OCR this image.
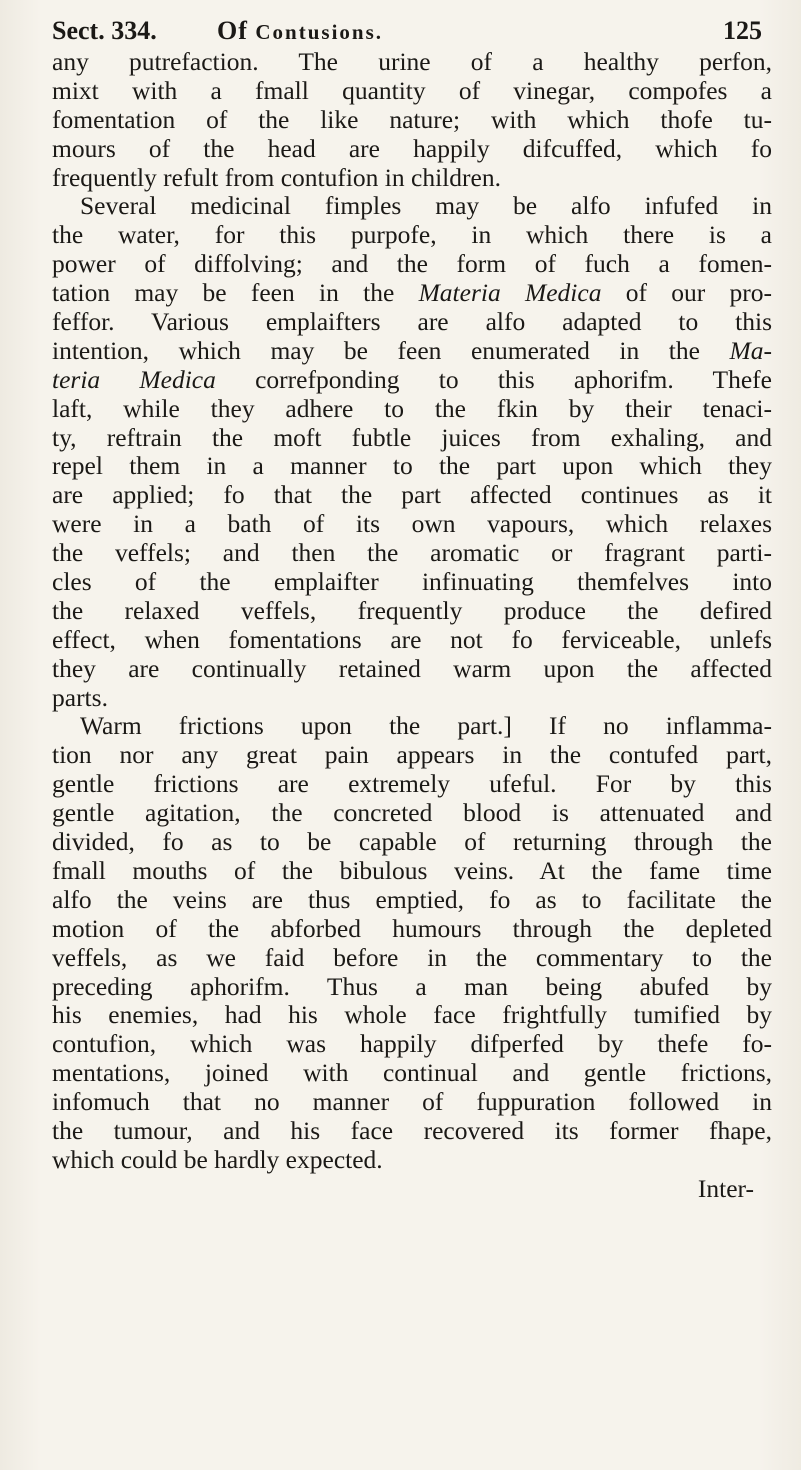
Sect. 334. Of Contusions.	125
any putrefaction. The urine of a healthy perfon,
mixt with a fmall quantity of vinegar, compofes a
fomentation of the like nature; with which thofe tu-
mours of the head are happily difcuffed, which fo
frequently refult from contufion in children.
Several medicinal fimples may be alfo infufed in
the water, for this purpofe, in which there is a
power of diffolving; and the form of fuch a fomen-
tation may be feen in the Materia Medica of our pro-
feffor. Various emplaifters are alfo adapted to this
intention, which may be feen enumerated in the Ma-
teria Medica correfponding to this aphorifm. Thefe
laft, while they adhere to the fkin by their tenaci-
ty, reftrain the moft fubtle juices from exhaling, and
repel them in a manner to the part upon which they
are applied; fo that the part affected continues as it
were in a bath of its own vapours, which relaxes
the veffels; and then the aromatic or fragrant parti-
cles of the emplaifter infinuating themfelves into
the relaxed veffels, frequently produce the defired
effect, when fomentations are not fo ferviceable, unlefs
they are continually retained warm upon the affected
parts.
Warm frictions upon the part.] If no inflamma-
tion nor any great pain appears in the contufed part,
gentle frictions are extremely ufeful. For by this
gentle agitation, the concreted blood is attenuated and
divided, fo as to be capable of returning through the
fmall mouths of the bibulous veins. At the fame time
alfo the veins are thus emptied, fo as to facilitate the
motion of the abforbed humours through the depleted
veffels, as we faid before in the commentary to the
preceding aphorifm. Thus a man being abufed by
his enemies, had his whole face frightfully tumified by
contufion, which was happily difperfed by thefe fo-
mentations, joined with continual and gentle frictions,
infomuch that no manner of fuppuration followed in
the tumour, and his face recovered its former fhape,
which could be hardly expected.
Inter-
